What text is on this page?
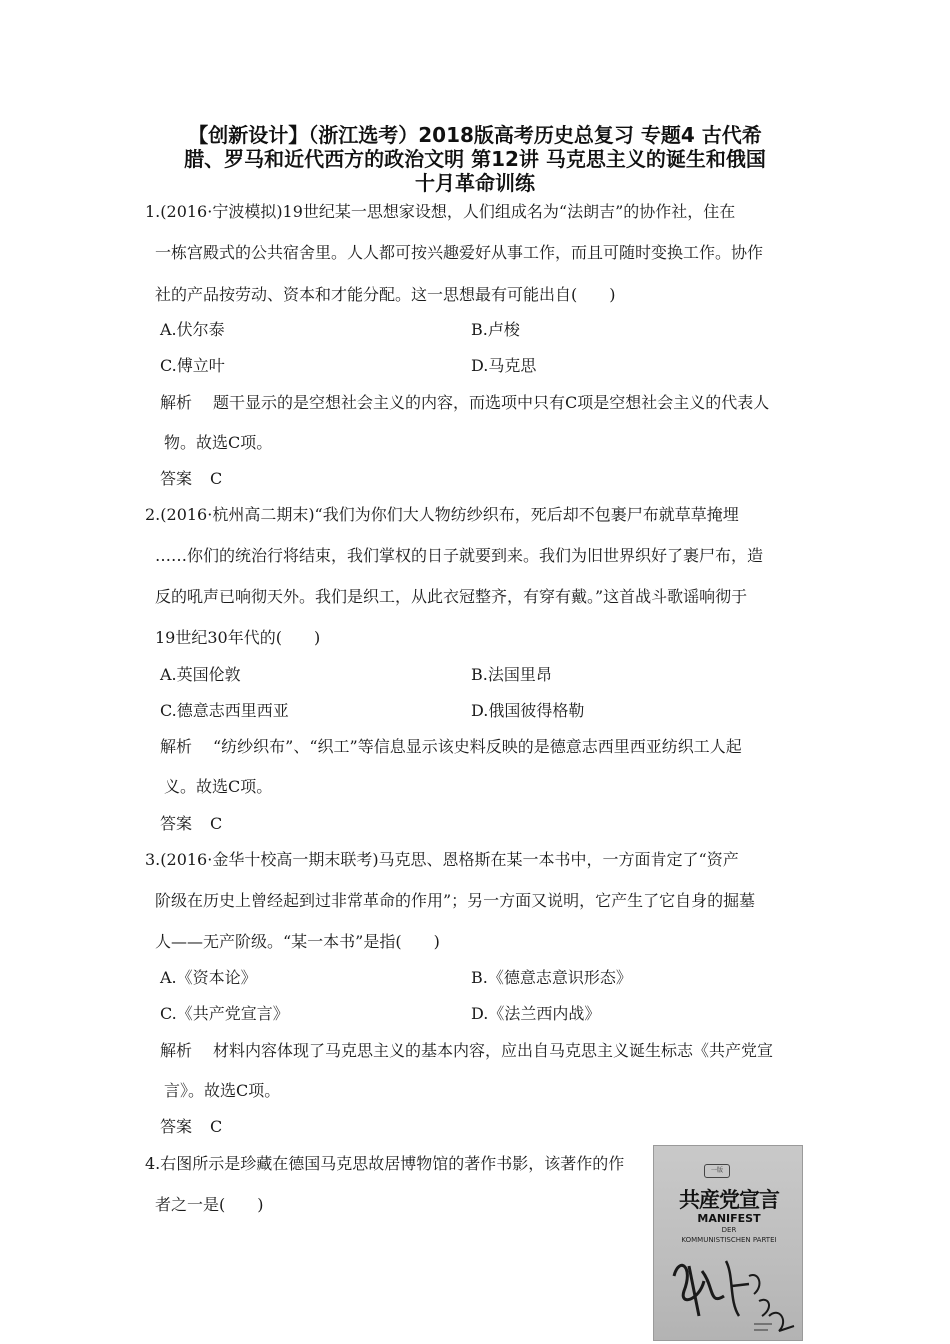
【创新设计】（浙江选考）2018版高考历史总复习 专题4 古代希
腊、罗马和近代西方的政治文明 第12讲 马克思主义的诞生和俄国
十月革命训练
1.(2016·宁波模拟)19世纪某一思想家设想，人们组成名为“法朗吉”的协作社，住在
一栋宫殿式的公共宿舍里。人人都可按兴趣爱好从事工作，而且可随时变换工作。协作
社的产品按劳动、资本和才能分配。这一思想最有可能出自(　　)
A.伏尔泰	B.卢梭
C.傅立叶	D.马克思
解析 题干显示的是空想社会主义的内容，而选项中只有C项是空想社会主义的代表人
物。故选C项。
答案 C
2.(2016·杭州高二期末)“我们为你们大人物纺纱织布，死后却不包裹尸布就草草掩埋
……你们的统治行将结束，我们掌权的日子就要到来。我们为旧世界织好了裹尸布，造
反的吼声已响彻天外。我们是织工，从此衣冠整齐，有穿有戴。”这首战斗歌谣响彻于
19世纪30年代的(　　)
A.英国伦敦	B.法国里昂
C.德意志西里西亚	D.俄国彼得格勒
解析 “纺纱织布”、“织工”等信息显示该史料反映的是德意志西里西亚纺织工人起
义。故选C项。
答案 C
3.(2016·金华十校高一期末联考)马克思、恩格斯在某一本书中，一方面肯定了“资产
阶级在历史上曾经起到过非常革命的作用”；另一方面又说明，它产生了它自身的掘墓
人——无产阶级。“某一本书”是指(　　)
A.《资本论》	B.《德意志意识形态》
C.《共产党宣言》	D.《法兰西内战》
解析 材料内容体现了马克思主义的基本内容，应出自马克思主义诞生标志《共产党宣
言》。故选C项。
答案 C
4.右图所示是珍藏在德国马克思故居博物馆的著作书影，该著作的作
者之一是(　　)
一版
共産党宣言
MANIFEST
DER
KOMMUNISTISCHEN PARTEI
